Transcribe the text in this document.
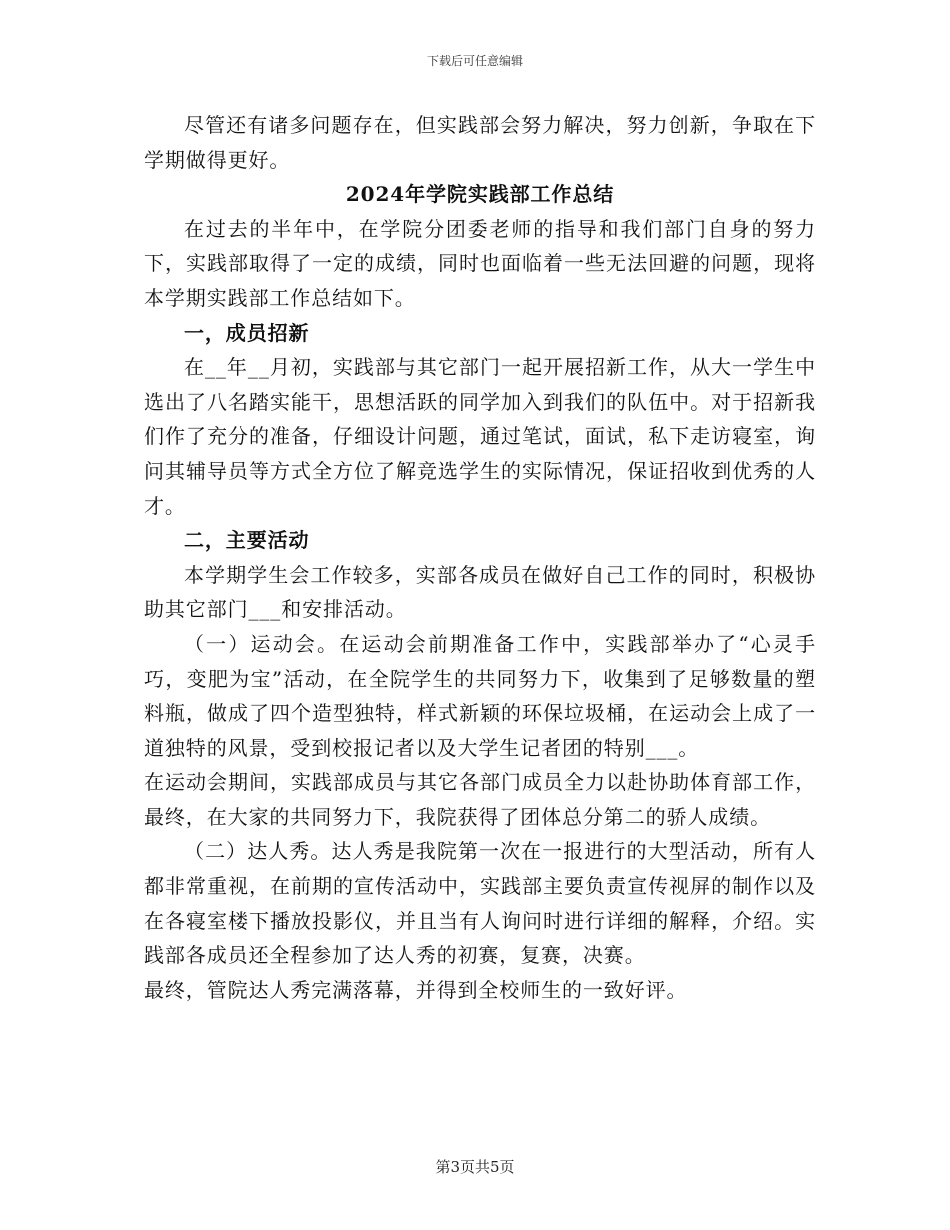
下载后可任意编辑

尽管还有诸多问题存在，但实践部会努力解决，努力创新，争取在下学期做得更好。

2024年学院实践部工作总结

在过去的半年中，在学院分团委老师的指导和我们部门自身的努力下，实践部取得了一定的成绩，同时也面临着一些无法回避的问题，现将本学期实践部工作总结如下。

一，成员招新

在__年__月初，实践部与其它部门一起开展招新工作，从大一学生中选出了八名踏实能干，思想活跃的同学加入到我们的队伍中。对于招新我们作了充分的准备，仔细设计问题，通过笔试，面试，私下走访寝室，询问其辅导员等方式全方位了解竞选学生的实际情况，保证招收到优秀的人才。

二，主要活动

本学期学生会工作较多，实部各成员在做好自己工作的同时，积极协助其它部门___和安排活动。

（一）运动会。在运动会前期准备工作中，实践部举办了“心灵手巧，变肥为宝”活动，在全院学生的共同努力下，收集到了足够数量的塑料瓶，做成了四个造型独特，样式新颖的环保垃圾桶，在运动会上成了一道独特的风景，受到校报记者以及大学生记者团的特别___。

在运动会期间，实践部成员与其它各部门成员全力以赴协助体育部工作，最终，在大家的共同努力下，我院获得了团体总分第二的骄人成绩。

（二）达人秀。达人秀是我院第一次在一报进行的大型活动，所有人都非常重视，在前期的宣传活动中，实践部主要负责宣传视屏的制作以及在各寝室楼下播放投影仪，并且当有人询问时进行详细的解释，介绍。实践部各成员还全程参加了达人秀的初赛，复赛，决赛。

最终，管院达人秀完满落幕，并得到全校师生的一致好评。

第3页共5页
